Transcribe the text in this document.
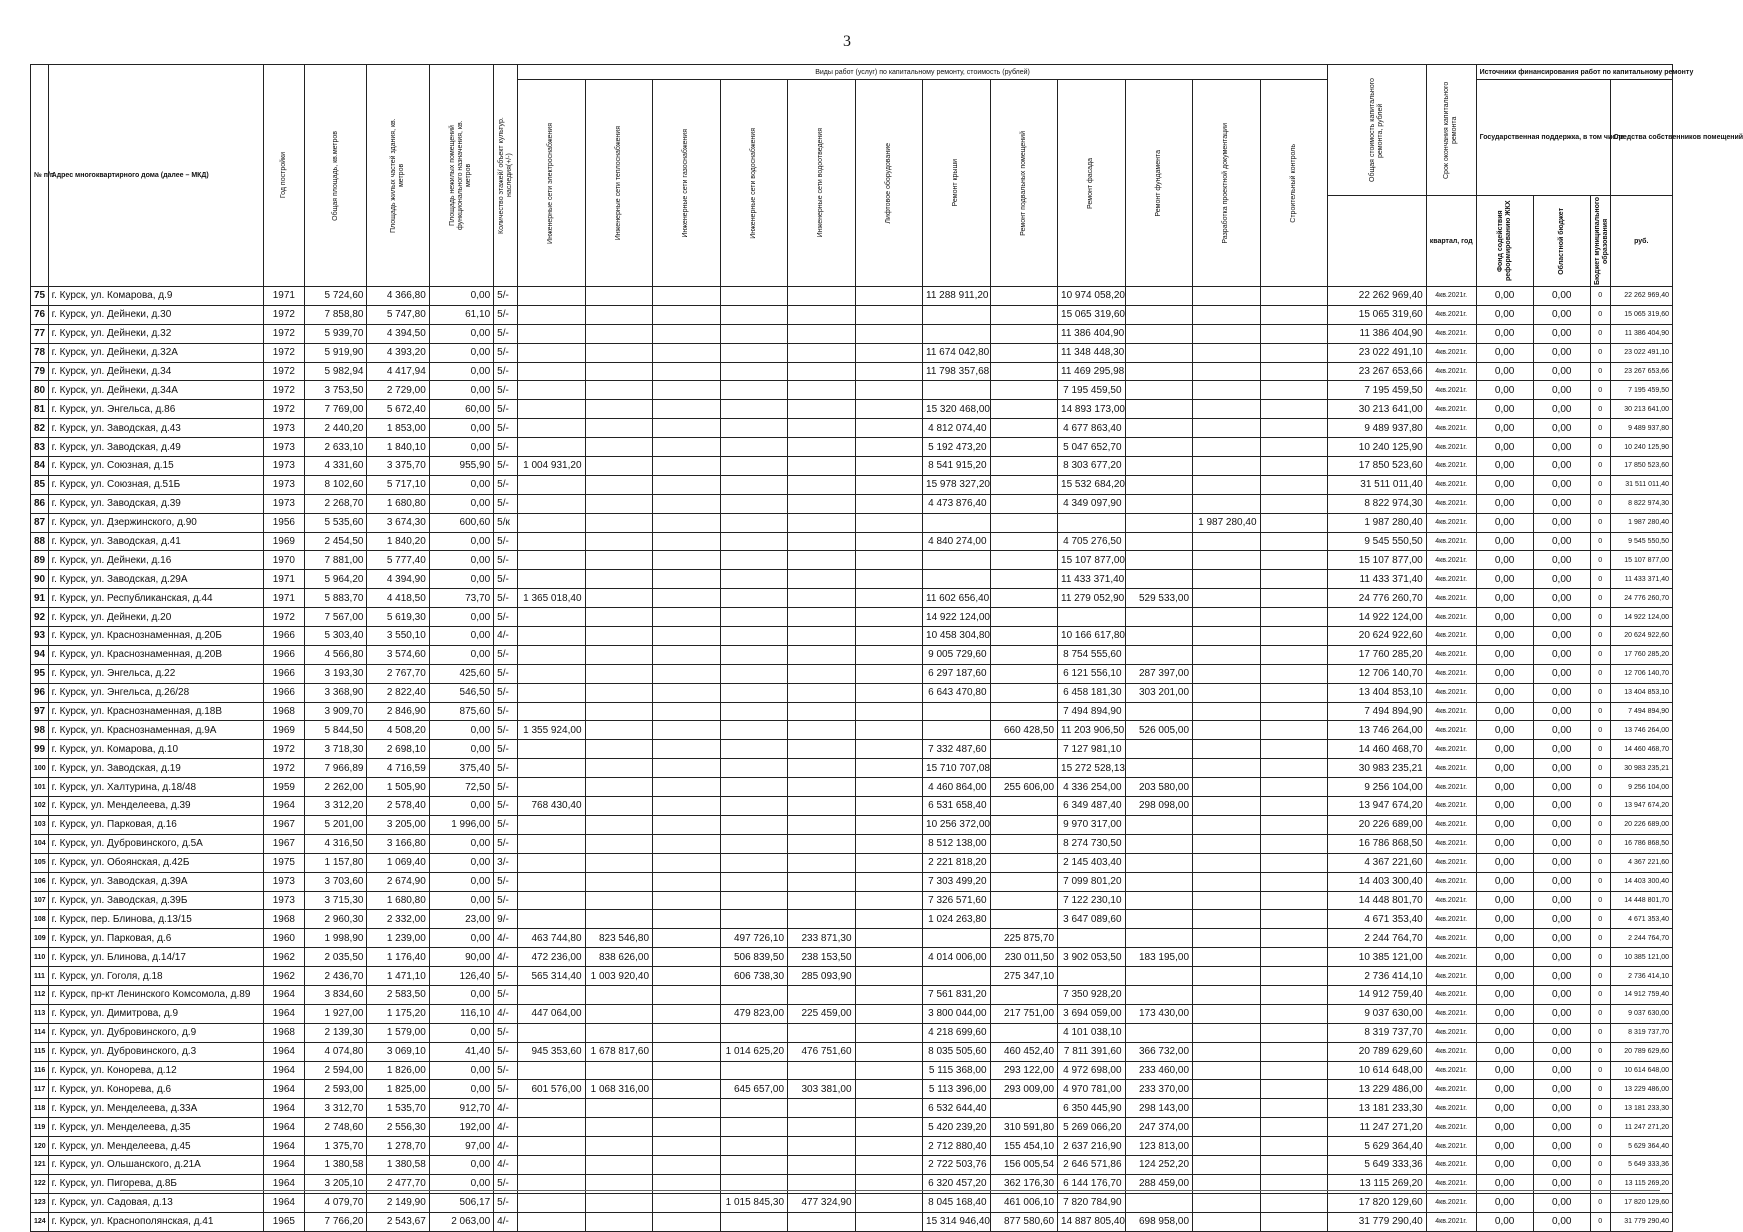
3
№ п/п	Адрес многоквартирного дома (далее – МКД)	Год постройки	Общая площадь, кв.метров	Площадь жилых частей здания, кв. метров	Площадь нежилых помещений функционального назначения, кв. метров	Количество этажей/ объект культур. наследия(+/-)	Виды работ (услуг) по капитальному ремонту, стоимость (рублей)												Общая стоимость капитального ремонта, рублей	Срок окончания капитального ремонта	Источники финансирования работ по капитальному ремонту			

							Инженерные сети электроснабжения	Инженерные сети теплоснабжения	Инженерные сети газоснабжения	Инженерные сети водоснабжения	Инженерные сети водоотведения	Лифтовое оборудование	Ремонт крыши	Ремонт подвальных помещений	Ремонт фасада	Ремонт фундамента	Разработка проектной документации	Строительный контроль			Государственная поддержка, в том числе			Средства собственников помещений
																				квартал, год	Фонд содействия реформированию ЖКХ	Областной бюджет	Бюджет муниципального образования	руб.
75	г. Курск, ул. Комарова, д.9	1971	5 724,60	4 366,80	0,00	5/-							11 288 911,20		10 974 058,20				22 262 969,40	4кв.2021г.	0,00	0,00	0	22 262 969,40
76	г. Курск, ул. Дейнеки, д.30	1972	7 858,80	5 747,80	61,10	5/-									15 065 319,60				15 065 319,60	4кв.2021г.	0,00	0,00	0	15 065 319,60
77	г. Курск, ул. Дейнеки, д.32	1972	5 939,70	4 394,50	0,00	5/-									11 386 404,90				11 386 404,90	4кв.2021г.	0,00	0,00	0	11 386 404,90
78	г. Курск, ул. Дейнеки, д.32А	1972	5 919,90	4 393,20	0,00	5/-							11 674 042,80		11 348 448,30				23 022 491,10	4кв.2021г.	0,00	0,00	0	23 022 491,10
79	г. Курск, ул. Дейнеки, д.34	1972	5 982,94	4 417,94	0,00	5/-							11 798 357,68		11 469 295,98				23 267 653,66	4кв.2021г.	0,00	0,00	0	23 267 653,66
80	г. Курск, ул. Дейнеки, д.34А	1972	3 753,50	2 729,00	0,00	5/-									7 195 459,50				7 195 459,50	4кв.2021г.	0,00	0,00	0	7 195 459,50
81	г. Курск, ул. Энгельса, д.86	1972	7 769,00	5 672,40	60,00	5/-							15 320 468,00		14 893 173,00				30 213 641,00	4кв.2021г.	0,00	0,00	0	30 213 641,00
82	г. Курск, ул. Заводская, д.43	1973	2 440,20	1 853,00	0,00	5/-							4 812 074,40		4 677 863,40				9 489 937,80	4кв.2021г.	0,00	0,00	0	9 489 937,80
83	г. Курск, ул. Заводская, д.49	1973	2 633,10	1 840,10	0,00	5/-							5 192 473,20		5 047 652,70				10 240 125,90	4кв.2021г.	0,00	0,00	0	10 240 125,90
84	г. Курск, ул. Союзная, д.15	1973	4 331,60	3 375,70	955,90	5/-	1 004 931,20						8 541 915,20		8 303 677,20				17 850 523,60	4кв.2021г.	0,00	0,00	0	17 850 523,60
85	г. Курск, ул. Союзная, д.51Б	1973	8 102,60	5 717,10	0,00	5/-							15 978 327,20		15 532 684,20				31 511 011,40	4кв.2021г.	0,00	0,00	0	31 511 011,40
86	г. Курск, ул. Заводская, д.39	1973	2 268,70	1 680,80	0,00	5/-							4 473 876,40		4 349 097,90				8 822 974,30	4кв.2021г.	0,00	0,00	0	8 822 974,30
87	г. Курск, ул. Дзержинского, д.90	1956	5 535,60	3 674,30	600,60	5/к											1 987 280,40		1 987 280,40	4кв.2021г.	0,00	0,00	0	1 987 280,40
88	г. Курск, ул. Заводская, д.41	1969	2 454,50	1 840,20	0,00	5/-							4 840 274,00		4 705 276,50				9 545 550,50	4кв.2021г.	0,00	0,00	0	9 545 550,50
89	г. Курск, ул. Дейнеки, д.16	1970	7 881,00	5 777,40	0,00	5/-									15 107 877,00				15 107 877,00	4кв.2021г.	0,00	0,00	0	15 107 877,00
90	г. Курск, ул. Заводская, д.29А	1971	5 964,20	4 394,90	0,00	5/-									11 433 371,40				11 433 371,40	4кв.2021г.	0,00	0,00	0	11 433 371,40
91	г. Курск, ул. Республиканская, д.44	1971	5 883,70	4 418,50	73,70	5/-	1 365 018,40						11 602 656,40		11 279 052,90	529 533,00			24 776 260,70	4кв.2021г.	0,00	0,00	0	24 776 260,70
92	г. Курск, ул. Дейнеки, д.20	1972	7 567,00	5 619,30	0,00	5/-							14 922 124,00						14 922 124,00	4кв.2021г.	0,00	0,00	0	14 922 124,00
93	г. Курск, ул. Краснознаменная, д.20Б	1966	5 303,40	3 550,10	0,00	4/-							10 458 304,80		10 166 617,80				20 624 922,60	4кв.2021г.	0,00	0,00	0	20 624 922,60
94	г. Курск, ул. Краснознаменная, д.20В	1966	4 566,80	3 574,60	0,00	5/-							9 005 729,60		8 754 555,60				17 760 285,20	4кв.2021г.	0,00	0,00	0	17 760 285,20
95	г. Курск, ул. Энгельса, д.22	1966	3 193,30	2 767,70	425,60	5/-							6 297 187,60		6 121 556,10	287 397,00			12 706 140,70	4кв.2021г.	0,00	0,00	0	12 706 140,70
96	г. Курск, ул. Энгельса, д.26/28	1966	3 368,90	2 822,40	546,50	5/-							6 643 470,80		6 458 181,30	303 201,00			13 404 853,10	4кв.2021г.	0,00	0,00	0	13 404 853,10
97	г. Курск, ул. Краснознаменная, д.18В	1968	3 909,70	2 846,90	875,60	5/-									7 494 894,90				7 494 894,90	4кв.2021г.	0,00	0,00	0	7 494 894,90
98	г. Курск, ул. Краснознаменная, д.9А	1969	5 844,50	4 508,20	0,00	5/-	1 355 924,00							660 428,50	11 203 906,50	526 005,00			13 746 264,00	4кв.2021г.	0,00	0,00	0	13 746 264,00
99	г. Курск, ул. Комарова, д.10	1972	3 718,30	2 698,10	0,00	5/-							7 332 487,60		7 127 981,10				14 460 468,70	4кв.2021г.	0,00	0,00	0	14 460 468,70
100	г. Курск, ул. Заводская, д.19	1972	7 966,89	4 716,59	375,40	5/-							15 710 707,08		15 272 528,13				30 983 235,21	4кв.2021г.	0,00	0,00	0	30 983 235,21
101	г. Курск, ул. Халтурина, д.18/48	1959	2 262,00	1 505,90	72,50	5/-							4 460 864,00	255 606,00	4 336 254,00	203 580,00			9 256 104,00	4кв.2021г.	0,00	0,00	0	9 256 104,00
102	г. Курск, ул. Менделеева, д.39	1964	3 312,20	2 578,40	0,00	5/-	768 430,40						6 531 658,40		6 349 487,40	298 098,00			13 947 674,20	4кв.2021г.	0,00	0,00	0	13 947 674,20
103	г. Курск, ул. Парковая, д.16	1967	5 201,00	3 205,00	1 996,00	5/-							10 256 372,00		9 970 317,00				20 226 689,00	4кв.2021г.	0,00	0,00	0	20 226 689,00
104	г. Курск, ул. Дубровинского, д.5А	1967	4 316,50	3 166,80	0,00	5/-							8 512 138,00		8 274 730,50				16 786 868,50	4кв.2021г.	0,00	0,00	0	16 786 868,50
105	г. Курск, ул. Обоянская, д.42Б	1975	1 157,80	1 069,40	0,00	3/-							2 221 818,20		2 145 403,40				4 367 221,60	4кв.2021г.	0,00	0,00	0	4 367 221,60
106	г. Курск, ул. Заводская, д.39А	1973	3 703,60	2 674,90	0,00	5/-							7 303 499,20		7 099 801,20				14 403 300,40	4кв.2021г.	0,00	0,00	0	14 403 300,40
107	г. Курск, ул. Заводская, д.39Б	1973	3 715,30	1 680,80	0,00	5/-							7 326 571,60		7 122 230,10				14 448 801,70	4кв.2021г.	0,00	0,00	0	14 448 801,70
108	г. Курск, пер. Блинова, д.13/15	1968	2 960,30	2 332,00	23,00	9/-							1 024 263,80		3 647 089,60				4 671 353,40	4кв.2021г.	0,00	0,00	0	4 671 353,40
109	г. Курск, ул. Парковая, д.6	1960	1 998,90	1 239,00	0,00	4/-	463 744,80	823 546,80		497 726,10	233 871,30			225 875,70					2 244 764,70	4кв.2021г.	0,00	0,00	0	2 244 764,70
110	г. Курск, ул. Блинова, д.14/17	1962	2 035,50	1 176,40	90,00	4/-	472 236,00	838 626,00		506 839,50	238 153,50		4 014 006,00	230 011,50	3 902 053,50	183 195,00			10 385 121,00	4кв.2021г.	0,00	0,00	0	10 385 121,00
111	г. Курск, ул. Гоголя, д.18	1962	2 436,70	1 471,10	126,40	5/-	565 314,40	1 003 920,40		606 738,30	285 093,90			275 347,10					2 736 414,10	4кв.2021г.	0,00	0,00	0	2 736 414,10
112	г. Курск, пр-кт Ленинского Комсомола, д.89	1964	3 834,60	2 583,50	0,00	5/-							7 561 831,20		7 350 928,20				14 912 759,40	4кв.2021г.	0,00	0,00	0	14 912 759,40
113	г. Курск, ул. Димитрова, д.9	1964	1 927,00	1 175,20	116,10	4/-	447 064,00			479 823,00	225 459,00		3 800 044,00	217 751,00	3 694 059,00	173 430,00			9 037 630,00	4кв.2021г.	0,00	0,00	0	9 037 630,00
114	г. Курск, ул. Дубровинского, д.9	1968	2 139,30	1 579,00	0,00	5/-							4 218 699,60		4 101 038,10				8 319 737,70	4кв.2021г.	0,00	0,00	0	8 319 737,70
115	г. Курск, ул. Дубровинского, д.3	1964	4 074,80	3 069,10	41,40	5/-	945 353,60	1 678 817,60		1 014 625,20	476 751,60		8 035 505,60	460 452,40	7 811 391,60	366 732,00			20 789 629,60	4кв.2021г.	0,00	0,00	0	20 789 629,60
116	г. Курск, ул. Конорева, д.12	1964	2 594,00	1 826,00	0,00	5/-							5 115 368,00	293 122,00	4 972 698,00	233 460,00			10 614 648,00	4кв.2021г.	0,00	0,00	0	10 614 648,00
117	г. Курск, ул. Конорева, д.6	1964	2 593,00	1 825,00	0,00	5/-	601 576,00	1 068 316,00		645 657,00	303 381,00		5 113 396,00	293 009,00	4 970 781,00	233 370,00			13 229 486,00	4кв.2021г.	0,00	0,00	0	13 229 486,00
118	г. Курск, ул. Менделеева, д.33А	1964	3 312,70	1 535,70	912,70	4/-							6 532 644,40		6 350 445,90	298 143,00			13 181 233,30	4кв.2021г.	0,00	0,00	0	13 181 233,30
119	г. Курск, ул. Менделеева, д.35	1964	2 748,60	2 556,30	192,00	4/-							5 420 239,20	310 591,80	5 269 066,20	247 374,00			11 247 271,20	4кв.2021г.	0,00	0,00	0	11 247 271,20
120	г. Курск, ул. Менделеева, д.45	1964	1 375,70	1 278,70	97,00	4/-							2 712 880,40	155 454,10	2 637 216,90	123 813,00			5 629 364,40	4кв.2021г.	0,00	0,00	0	5 629 364,40
121	г. Курск, ул. Ольшанского, д.21А	1964	1 380,58	1 380,58	0,00	4/-							2 722 503,76	156 005,54	2 646 571,86	124 252,20			5 649 333,36	4кв.2021г.	0,00	0,00	0	5 649 333,36
122	г. Курск, ул. Пигорева, д.8Б	1964	3 205,10	2 477,70	0,00	5/-							6 320 457,20	362 176,30	6 144 176,70	288 459,00			13 115 269,20	4кв.2021г.	0,00	0,00	0	13 115 269,20
123	г. Курск, ул. Садовая, д.13	1964	4 079,70	2 149,90	506,17	5/-				1 015 845,30	477 324,90		8 045 168,40	461 006,10	7 820 784,90				17 820 129,60	4кв.2021г.	0,00	0,00	0	17 820 129,60
124	г. Курск, ул. Краснополянская, д.41	1965	7 766,20	2 543,67	2 063,00	4/-							15 314 946,40	877 580,60	14 887 805,40	698 958,00			31 779 290,40	4кв.2021г.	0,00	0,00	0	31 779 290,40
